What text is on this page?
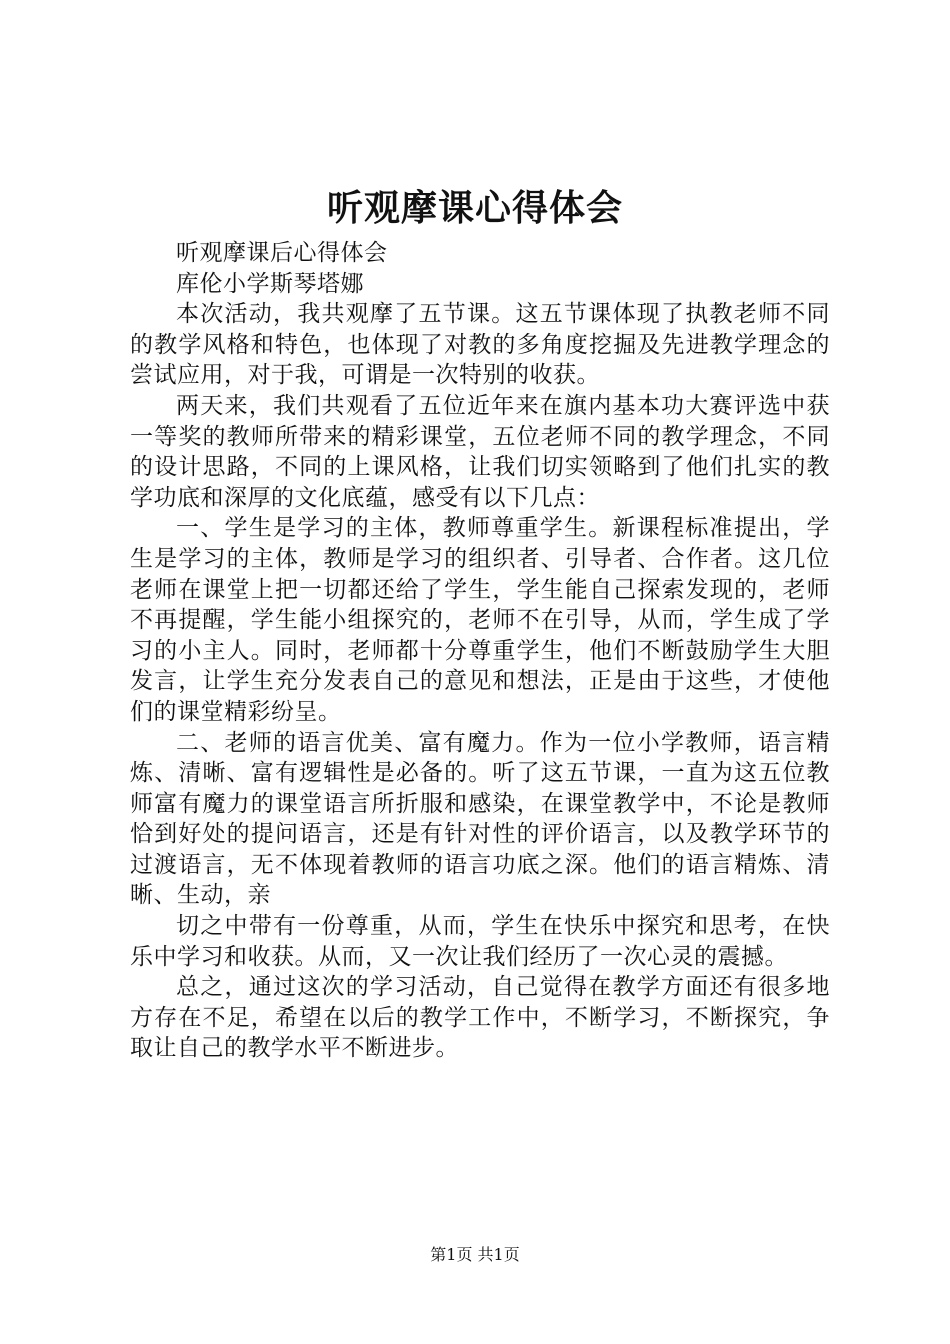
听观摩课心得体会

听观摩课后心得体会

库伦小学斯琴塔娜

本次活动，我共观摩了五节课。这五节课体现了执教老师不同的教学风格和特色，也体现了对教的多角度挖掘及先进教学理念的尝试应用，对于我，可谓是一次特别的收获。

两天来，我们共观看了五位近年来在旗内基本功大赛评选中获一等奖的教师所带来的精彩课堂，五位老师不同的教学理念，不同的设计思路，不同的上课风格，让我们切实领略到了他们扎实的教学功底和深厚的文化底蕴，感受有以下几点：

一、学生是学习的主体，教师尊重学生。新课程标准提出，学生是学习的主体，教师是学习的组织者、引导者、合作者。这几位老师在课堂上把一切都还给了学生，学生能自己探索发现的，老师不再提醒，学生能小组探究的，老师不在引导，从而，学生成了学习的小主人。同时，老师都十分尊重学生，他们不断鼓励学生大胆发言，让学生充分发表自己的意见和想法，正是由于这些，才使他们的课堂精彩纷呈。

二、老师的语言优美、富有魔力。作为一位小学教师，语言精炼、清晰、富有逻辑性是必备的。听了这五节课，一直为这五位教师富有魔力的课堂语言所折服和感染，在课堂教学中，不论是教师恰到好处的提问语言，还是有针对性的评价语言，以及教学环节的过渡语言，无不体现着教师的语言功底之深。他们的语言精炼、清晰、生动，亲

切之中带有一份尊重，从而，学生在快乐中探究和思考，在快乐中学习和收获。从而，又一次让我们经历了一次心灵的震撼。

总之，通过这次的学习活动，自己觉得在教学方面还有很多地方存在不足，希望在以后的教学工作中，不断学习，不断探究，争取让自己的教学水平不断进步。

第1页 共1页
